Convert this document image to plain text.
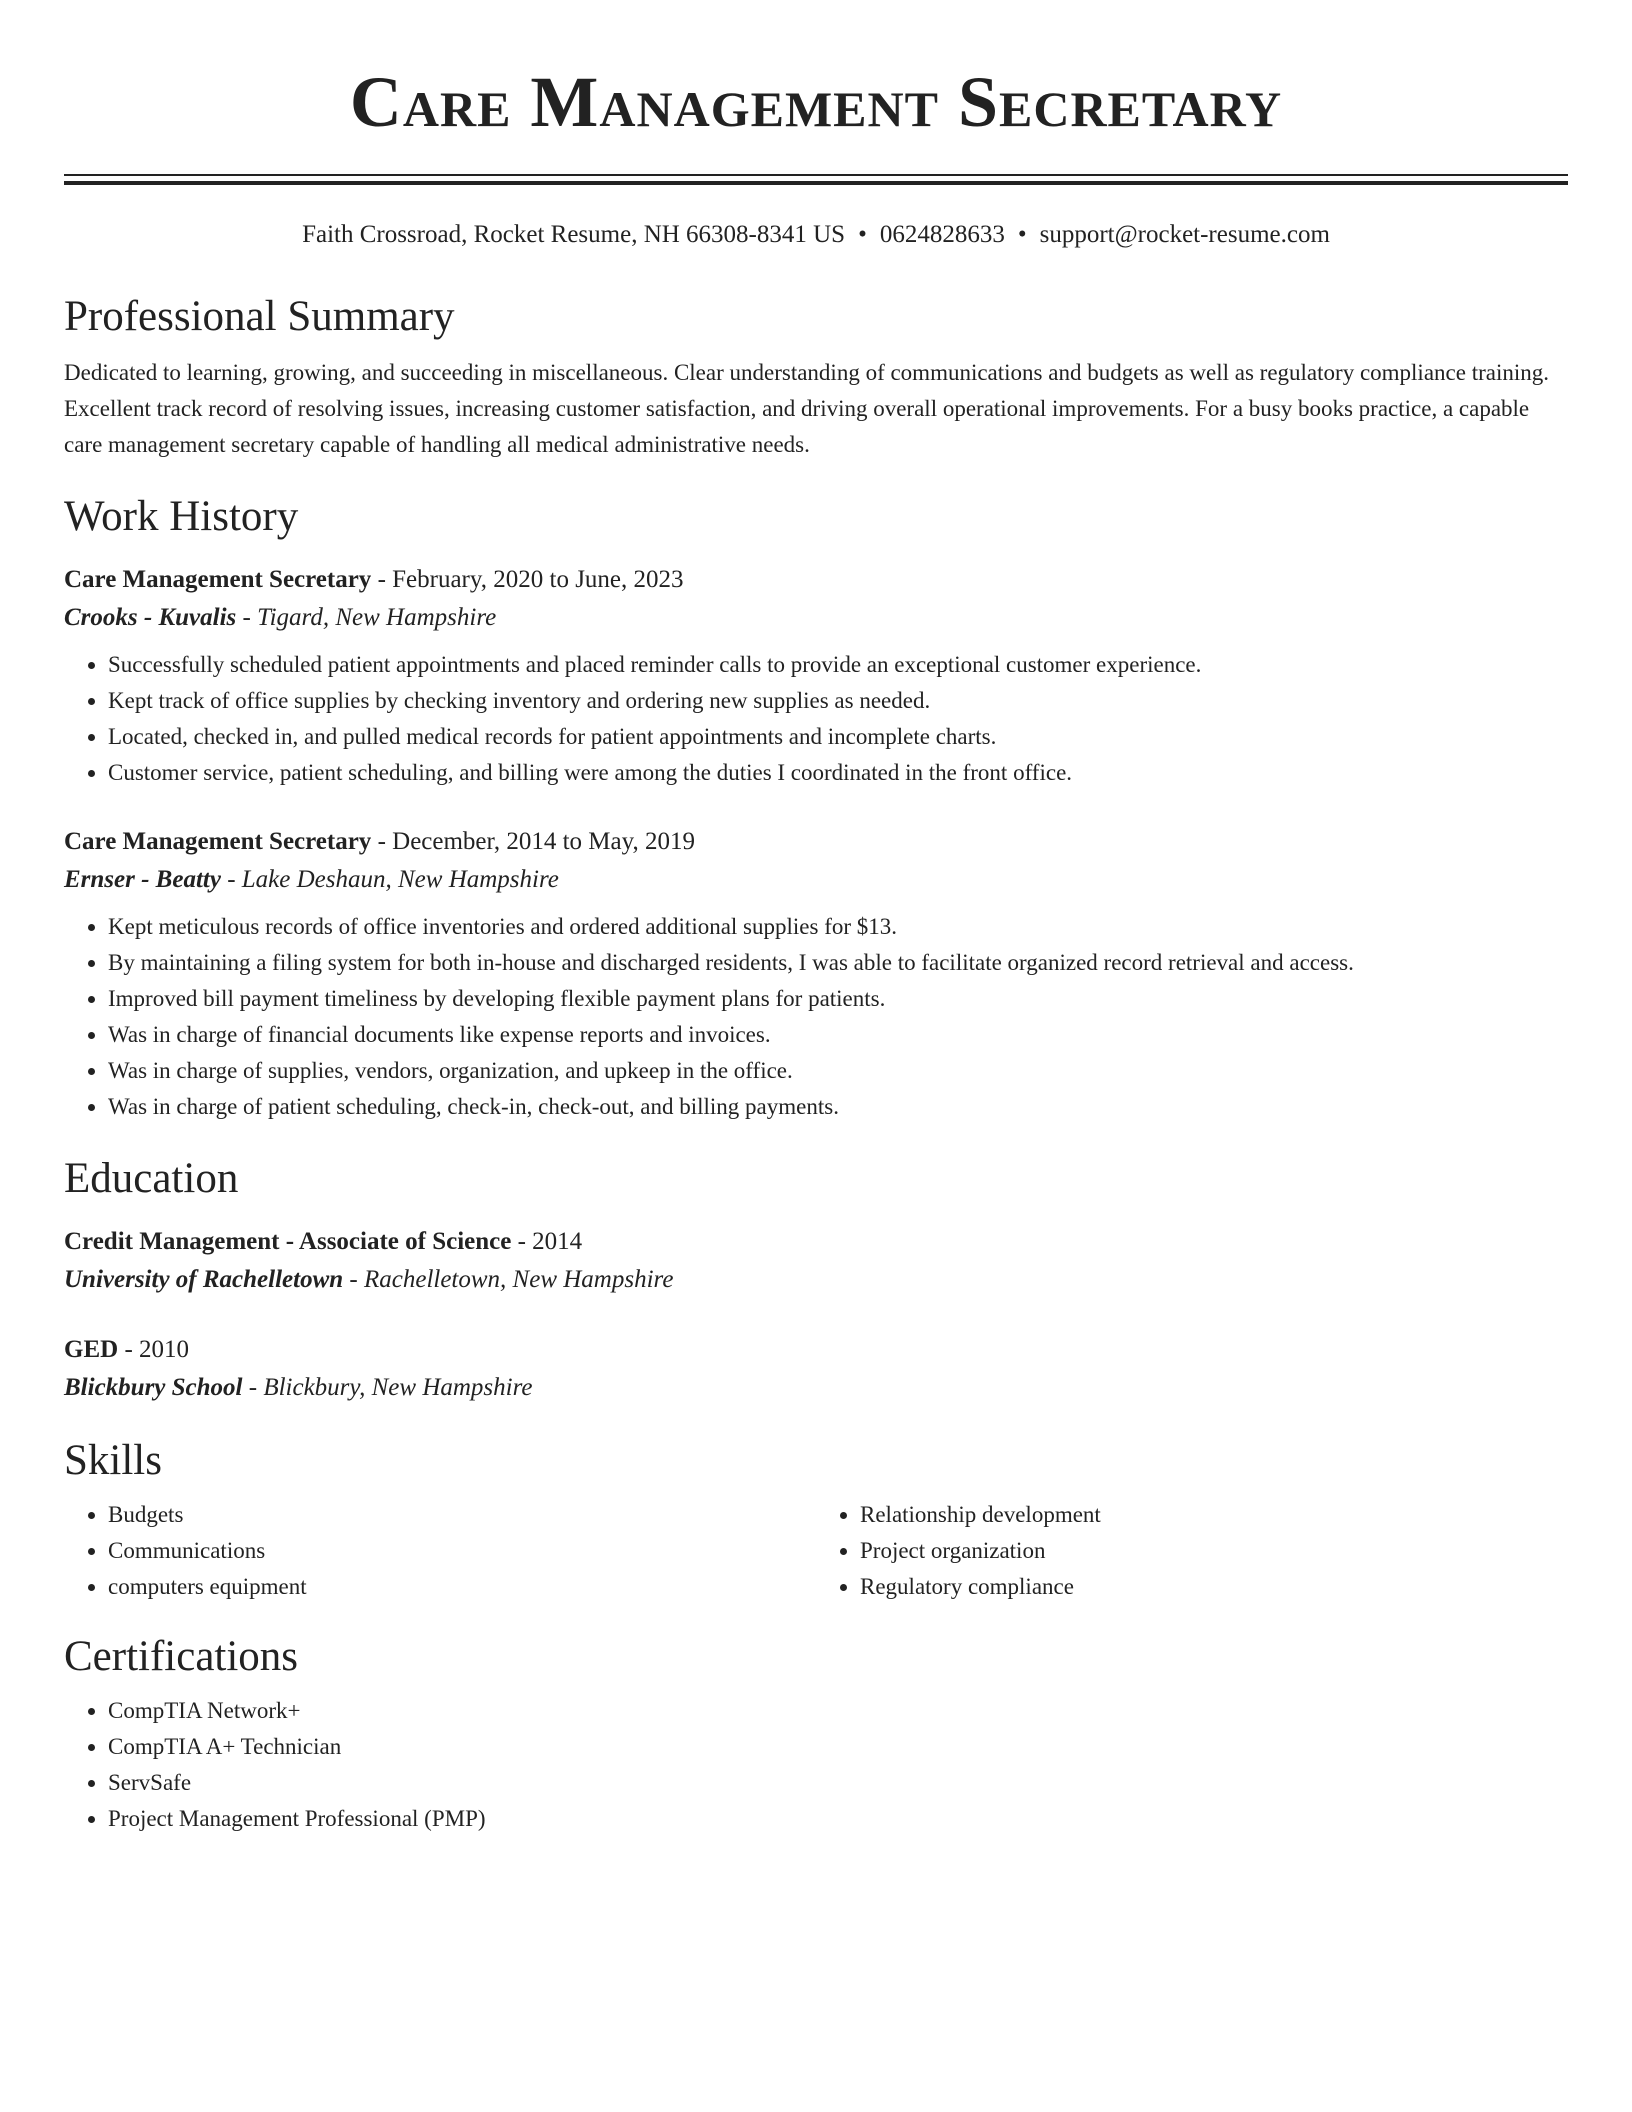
Care Management Secretary
Faith Crossroad, Rocket Resume, NH 66308-8341 US • 0624828633 • support@rocket-resume.com
Professional Summary

Dedicated to learning, growing, and succeeding in miscellaneous. Clear understanding of communications and budgets as well as regulatory compliance training. Excellent track record of resolving issues, increasing customer satisfaction, and driving overall operational improvements. For a busy books practice, a capable care management secretary capable of handling all medical administrative needs.

Work History
Care Management Secretary - February, 2020 to June, 2023
Crooks - Kuvalis - Tigard, New Hampshire
• Successfully scheduled patient appointments and placed reminder calls to provide an exceptional customer experience.
• Kept track of office supplies by checking inventory and ordering new supplies as needed.
• Located, checked in, and pulled medical records for patient appointments and incomplete charts.
• Customer service, patient scheduling, and billing were among the duties I coordinated in the front office.
Care Management Secretary - December, 2014 to May, 2019
Ernser - Beatty - Lake Deshaun, New Hampshire
• Kept meticulous records of office inventories and ordered additional supplies for $13.
• By maintaining a filing system for both in-house and discharged residents, I was able to facilitate organized record retrieval and access.
• Improved bill payment timeliness by developing flexible payment plans for patients.
• Was in charge of financial documents like expense reports and invoices.
• Was in charge of supplies, vendors, organization, and upkeep in the office.
• Was in charge of patient scheduling, check-in, check-out, and billing payments.
Education
Credit Management - Associate of Science - 2014
University of Rachelletown - Rachelletown, New Hampshire
GED - 2010
Blickbury School - Blickbury, New Hampshire
Skills
• Budgets
• Communications
• computers equipment
• Relationship development
• Project organization
• Regulatory compliance
Certifications
• CompTIA Network+
• CompTIA A+ Technician
• ServSafe
• Project Management Professional (PMP)
